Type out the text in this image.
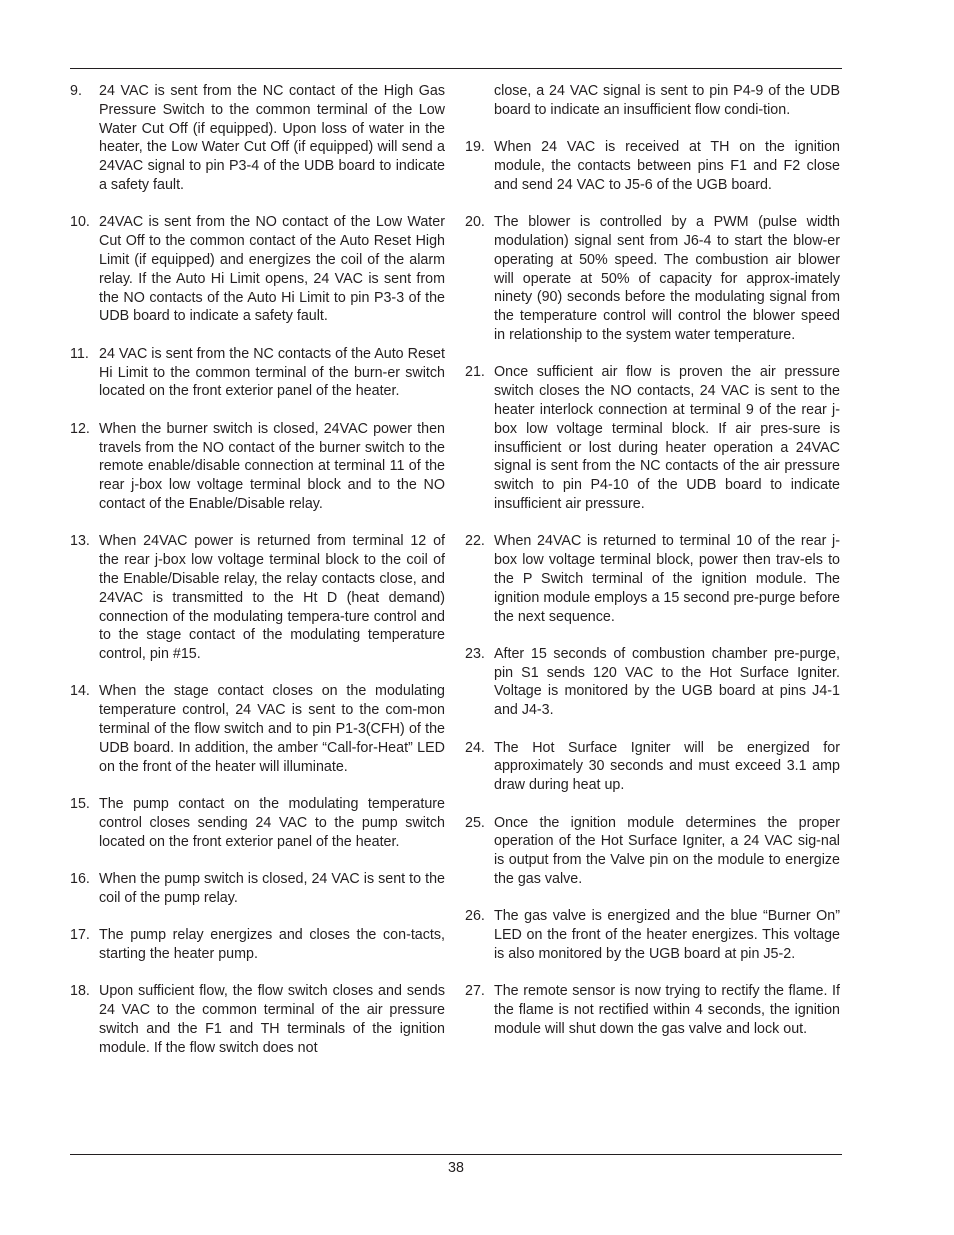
9.	24 VAC is sent from the NC contact of the High Gas Pressure Switch to the common terminal of the Low Water Cut Off (if equipped). Upon loss of water in the heater, the Low Water Cut Off (if equipped) will send a 24VAC signal to pin P3-4 of the UDB board to indicate a safety fault.
10. 24VAC is sent from the NO contact of the Low Water Cut Off to the common contact of the Auto Reset High Limit (if equipped) and energizes the coil of the alarm relay. If the Auto Hi Limit opens, 24 VAC is sent from the NO contacts of the Auto Hi Limit to pin P3-3 of the UDB board to indicate a safety fault.
11. 24 VAC is sent from the NC contacts of the Auto Reset Hi Limit to the common terminal of the burn-er switch located on the front exterior panel of the heater.
12. When the burner switch is closed, 24VAC power then travels from the NO contact of the burner switch to the remote enable/disable connection at terminal 11 of the rear j-box low voltage terminal block and to the NO contact of the Enable/Disable relay.
13. When 24VAC power is returned from terminal 12 of the rear j-box low voltage terminal block to the coil of the Enable/Disable relay, the relay contacts close, and 24VAC is transmitted to the Ht D (heat demand) connection of the modulating tempera-ture control and to the stage contact of the modulating temperature control, pin #15.
14. When the stage contact closes on the modulating temperature control, 24 VAC is sent to the com-mon terminal of the flow switch and to pin P1-3(CFH) of the UDB board. In addition, the amber “Call-for-Heat” LED on the front of the heater will illuminate.
15. The pump contact on the modulating temperature control closes sending 24 VAC to the pump switch located on the front exterior panel of the heater.
16. When the pump switch is closed, 24 VAC is sent to the coil of the pump relay.
17. The pump relay energizes and closes the con-tacts, starting the heater pump.
18. Upon sufficient flow, the flow switch closes and sends 24 VAC to the common terminal of the air pressure switch and the F1 and TH terminals of the ignition module. If the flow switch does not
close, a 24 VAC signal is sent to pin P4-9 of the UDB board to indicate an insufficient flow condi-tion.
19. When 24 VAC is received at TH on the ignition module, the contacts between pins F1 and F2 close and send 24 VAC to J5-6 of the UGB board.
20. The blower is controlled by a PWM (pulse width modulation) signal sent from J6-4 to start the blow-er operating at 50% speed. The combustion air blower will operate at 50% of capacity for approx-imately ninety (90) seconds before the modulating signal from the temperature control will control the blower speed in relationship to the system water temperature.
21. Once sufficient air flow is proven the air pressure switch closes the NO contacts, 24 VAC is sent to the heater interlock connection at terminal 9 of the rear j-box low voltage terminal block. If air pres-sure is insufficient or lost during heater operation a 24VAC signal is sent from the NC contacts of the air pressure switch to pin P4-10 of the UDB board to indicate insufficient air pressure.
22. When 24VAC is returned to terminal 10 of the rear j-box low voltage terminal block, power then trav-els to the P Switch terminal of the ignition module. The ignition module employs a 15 second pre-purge before the next sequence.
23. After 15 seconds of combustion chamber pre-purge, pin S1 sends 120 VAC to the Hot Surface Igniter. Voltage is monitored by the UGB board at pins J4-1 and J4-3.
24. The Hot Surface Igniter will be energized for approximately 30 seconds and must exceed 3.1 amp draw during heat up.
25. Once the ignition module determines the proper operation of the Hot Surface Igniter, a 24 VAC sig-nal is output from the Valve pin on the module to energize the gas valve.
26. The gas valve is energized and the blue “Burner On” LED on the front of the heater energizes. This voltage is also monitored by the UGB board at pin J5-2.
27. The remote sensor is now trying to rectify the flame. If the flame is not rectified within 4 seconds, the ignition module will shut down the gas valve and lock out.
38
